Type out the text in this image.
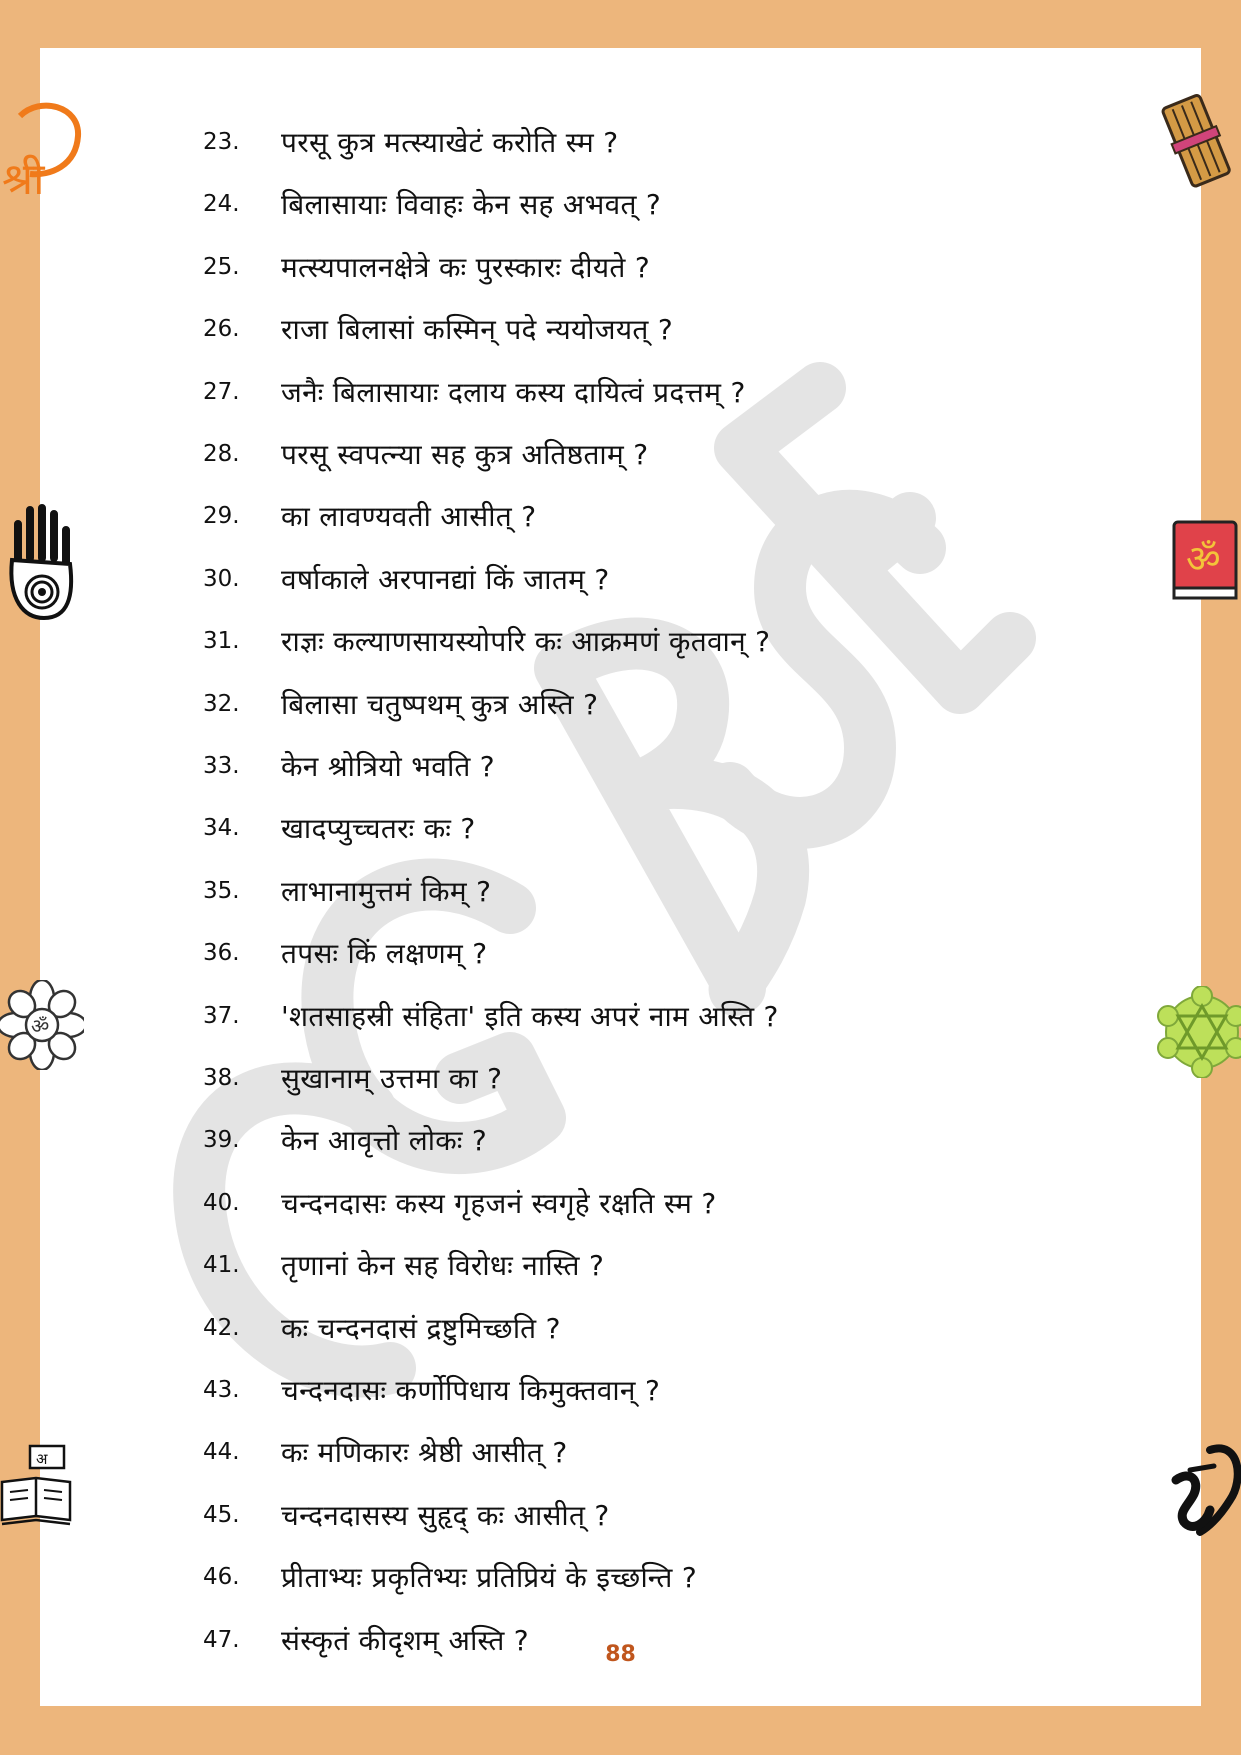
23.	परसू कुत्र मत्स्याखेटं करोति स्म ?
24.	बिलासायाः विवाहः केन सह अभवत् ?
25.	मत्स्यपालनक्षेत्रे कः पुरस्कारः दीयते ?
26.	राजा बिलासां कस्मिन् पदे न्ययोजयत् ?
27.	जनैः बिलासायाः दलाय कस्य दायित्वं प्रदत्तम् ?
28.	परसू स्वपत्न्या सह कुत्र अतिष्ठताम् ?
29.	का लावण्यवती आसीत् ?
30.	वर्षाकाले अरपानद्यां किं जातम् ?
31.	राज्ञः कल्याणसायस्योपरि कः आक्रमणं कृतवान् ?
32.	बिलासा चतुष्पथम् कुत्र अस्ति ?
33.	केन श्रोत्रियो भवति ?
34.	खादप्युच्चतरः कः ?
35.	लाभानामुत्तमं किम् ?
36.	तपसः किं लक्षणम् ?
37.	'शतसाहस्री संहिता' इति कस्य अपरं नाम अस्ति ?
38.	सुखानाम् उत्तमा का ?
39.	केन आवृत्तो लोकः ?
40.	चन्दनदासः कस्य गृहजनं स्वगृहे रक्षति स्म ?
41.	तृणानां केन सह विरोधः नास्ति ?
42.	कः चन्दनदासं द्रष्टुमिच्छति ?
43.	चन्दनदासः कर्णोपिधाय किमुक्तवान् ?
44.	कः मणिकारः श्रेष्ठी आसीत् ?
45.	चन्दनदासस्य सुहृद् कः आसीत् ?
46.	प्रीताभ्यः प्रकृतिभ्यः प्रतिप्रियं के इच्छन्ति ?
47.	संस्कृतं कीदृशम् अस्ति ?	88
श्री
ॐ
अ
ॐ
